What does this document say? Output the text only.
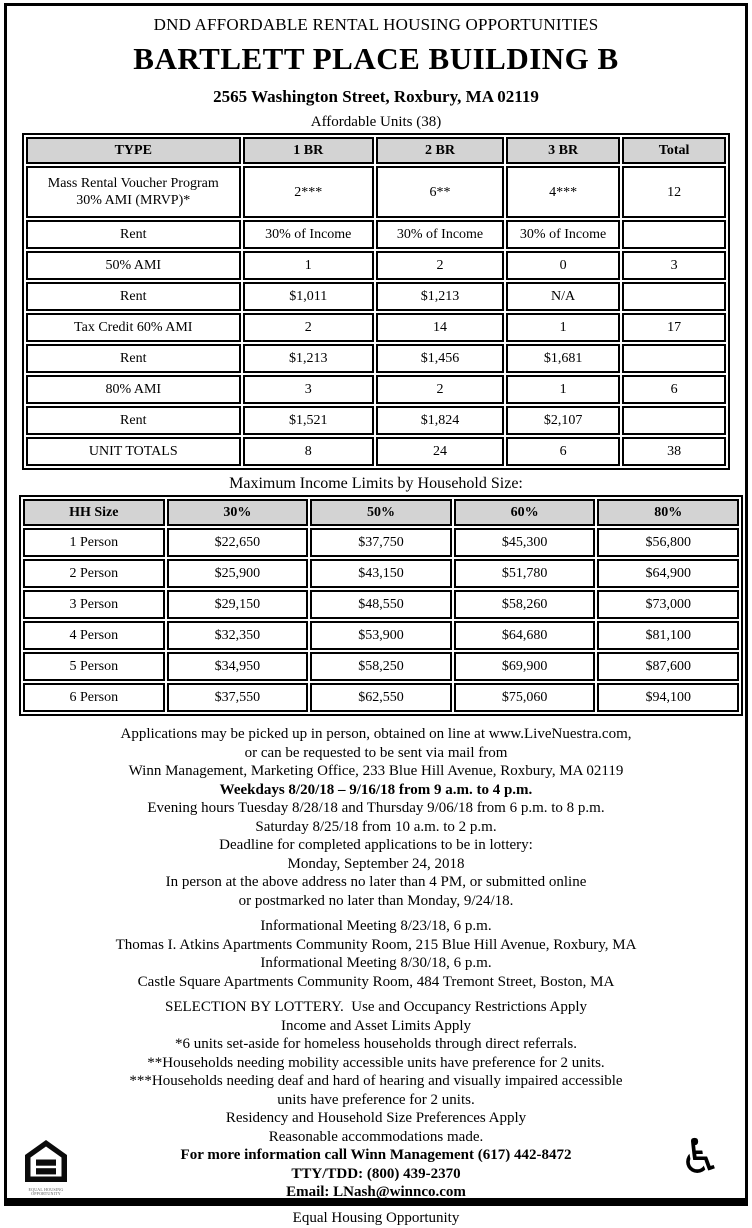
DND AFFORDABLE RENTAL HOUSING OPPORTUNITIES
BARTLETT PLACE BUILDING B
2565 Washington Street, Roxbury, MA 02119
Affordable Units (38)
TYPE	1 BR	2 BR	3 BR	Total
Mass Rental Voucher Program 30% AMI (MRVP)*	2***	6**	4***	12
Rent	30% of Income	30% of Income	30% of Income	
50% AMI	1	2	0	3
Rent	$1,011	$1,213	N/A	
Tax Credit 60% AMI	2	14	1	17
Rent	$1,213	$1,456	$1,681	
80% AMI	3	2	1	6
Rent	$1,521	$1,824	$2,107	
UNIT TOTALS	8	24	6	38
Maximum Income Limits by Household Size:
HH Size	30%	50%	60%	80%
1 Person	$22,650	$37,750	$45,300	$56,800
2 Person	$25,900	$43,150	$51,780	$64,900
3 Person	$29,150	$48,550	$58,260	$73,000
4 Person	$32,350	$53,900	$64,680	$81,100
5 Person	$34,950	$58,250	$69,900	$87,600
6 Person	$37,550	$62,550	$75,060	$94,100
Applications may be picked up in person, obtained on line at www.LiveNuestra.com,
or can be requested to be sent via mail from
Winn Management, Marketing Office, 233 Blue Hill Avenue, Roxbury, MA 02119
Weekdays 8/20/18 – 9/16/18 from 9 a.m. to 4 p.m.
Evening hours Tuesday 8/28/18 and Thursday 9/06/18 from 6 p.m. to 8 p.m.
Saturday 8/25/18 from 10 a.m. to 2 p.m.
Deadline for completed applications to be in lottery:
Monday, September 24, 2018
In person at the above address no later than 4 PM, or submitted online
or postmarked no later than Monday, 9/24/18.
Informational Meeting 8/23/18, 6 p.m.
Thomas I. Atkins Apartments Community Room, 215 Blue Hill Avenue, Roxbury, MA
Informational Meeting 8/30/18, 6 p.m.
Castle Square Apartments Community Room, 484 Tremont Street, Boston, MA
SELECTION BY LOTTERY.  Use and Occupancy Restrictions Apply
Income and Asset Limits Apply
*6 units set-aside for homeless households through direct referrals.
**Households needing mobility accessible units have preference for 2 units.
***Households needing deaf and hard of hearing and visually impaired accessible
units have preference for 2 units.
Residency and Household Size Preferences Apply
Reasonable accommodations made.
For more information call Winn Management (617) 442-8472
TTY/TDD: (800) 439-2370
Email: LNash@winnco.com
Equal Housing Opportunity
EQUAL HOUSING OPPORTUNITY
♿
